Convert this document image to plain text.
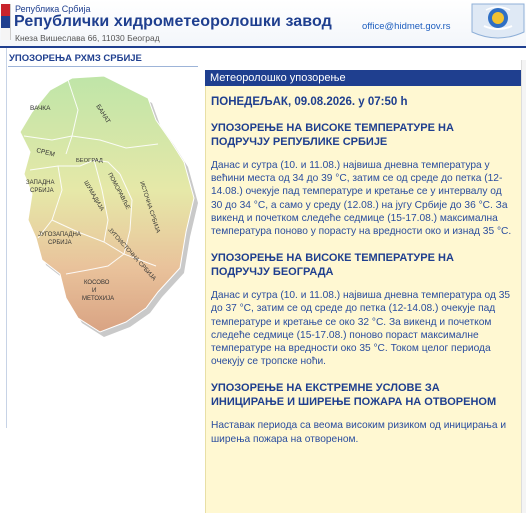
Република Србија
Републички хидрометеоролошки завод
Кнеза Вишеслава 66, 11030 Београд
office@hidmet.gov.rs
УПОЗОРЕЊА РХМЗ СРБИЈЕ
ВАЧКА	БАНАТ
СРЕМ
БЕОГРАД
ЗАПАДНА
СРБИЈА	ШУМАДИЈА ПОМОРАВЉЕ ИСТОЧНА СРБИЈА
ЈУГОЗАПАДНА
СРБИЈА	ЈУГОИСТОЧНА СРБИЈА
КОСОВО
И
МЕТОХИЈА
Метеоролошко упозорење
ПОНЕДЕЉАК, 09.08.2026. у 07:50 h
УПОЗОРЕЊЕ НА ВИСОКЕ ТЕМПЕРАТУРЕ НА ПОДРУЧЈУ РЕПУБЛИКЕ СРБИЈЕ
Данас и сутра (10. и 11.08.) највиша дневна температура у већини места од 34 до 39 °С, затим се од среде до петка (12-14.08.) очекује пад температуре и кретање се у интервалу од 30 до 34 °С, а само у среду (12.08.) на југу Србије до 36 °С. За викенд и почетком следеће седмице (15-17.08.) максимална температура поново у порасту на вредности око и изнад 35 °С.
УПОЗОРЕЊЕ НА ВИСОКЕ ТЕМПЕРАТУРЕ НА ПОДРУЧЈУ БЕОГРАДА
Данас и сутра (10. и 11.08.) највиша дневна температура од 35 до 37 °С, затим се од среде до петка (12-14.08.) очекује пад температуре и кретање се око 32 °С. За викенд и почетком следеће седмице (15-17.08.) поново пораст максималне температуре на вредности око 35 °С. Током целог периода очекују се тропске ноћи.
УПОЗОРЕЊЕ НА ЕКСТРЕМНЕ УСЛОВЕ ЗА ИНИЦИРАЊЕ И ШИРЕЊЕ ПОЖАРА НА ОТВОРЕНОМ
Наставак периода са веома високим ризиком од иницирања и ширења пожара на отвореном.
